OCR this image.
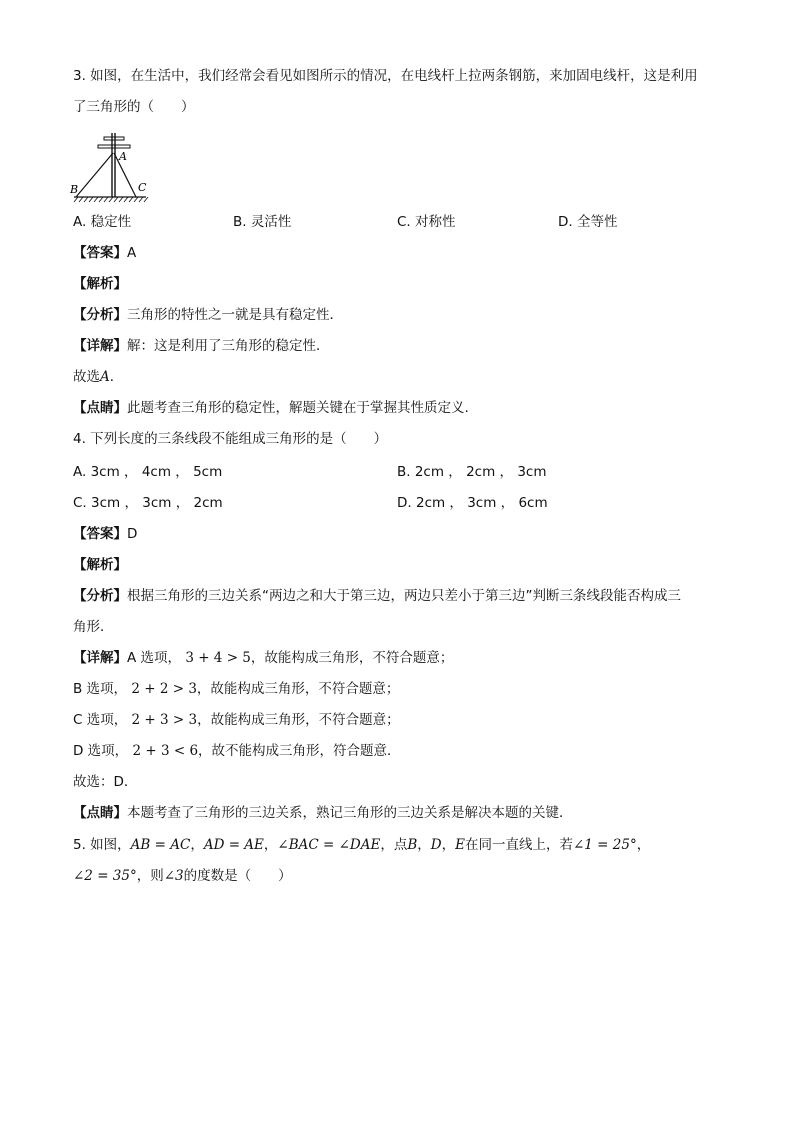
3. 如图，在生活中，我们经常会看见如图所示的情况，在电线杆上拉两条钢筋，来加固电线杆，这是利用
了三角形的（　　）
A
B	C
A. 稳定性	B. 灵活性	C. 对称性	D. 全等性
【答案】A
【解析】
【分析】三角形的特性之一就是具有稳定性．
【详解】解：这是利用了三角形的稳定性．
故选A．
【点睛】此题考查三角形的稳定性，解题关键在于掌握其性质定义.
4. 下列长度的三条线段不能组成三角形的是（　　）
A. 3cm ， 4cm ， 5cm	B. 2cm ， 2cm ， 3cm
C. 3cm ， 3cm ， 2cm	D. 2cm ， 3cm ， 6cm
【答案】D
【解析】
【分析】根据三角形的三边关系“两边之和大于第三边，两边只差小于第三边”判断三条线段能否构成三
角形．
【详解】A 选项， 3 + 4 > 5，故能构成三角形，不符合题意；
B 选项， 2 + 2 > 3，故能构成三角形，不符合题意；
C 选项， 2 + 3 > 3，故能构成三角形，不符合题意；
D 选项， 2 + 3 < 6，故不能构成三角形，符合题意．
故选：D．
【点睛】本题考查了三角形的三边关系，熟记三角形的三边关系是解决本题的关键．
5. 如图，AB = AC，AD = AE，∠BAC = ∠DAE，点B，D，E在同一直线上，若∠1 = 25°，
∠2 = 35°，则∠3的度数是（　　）
